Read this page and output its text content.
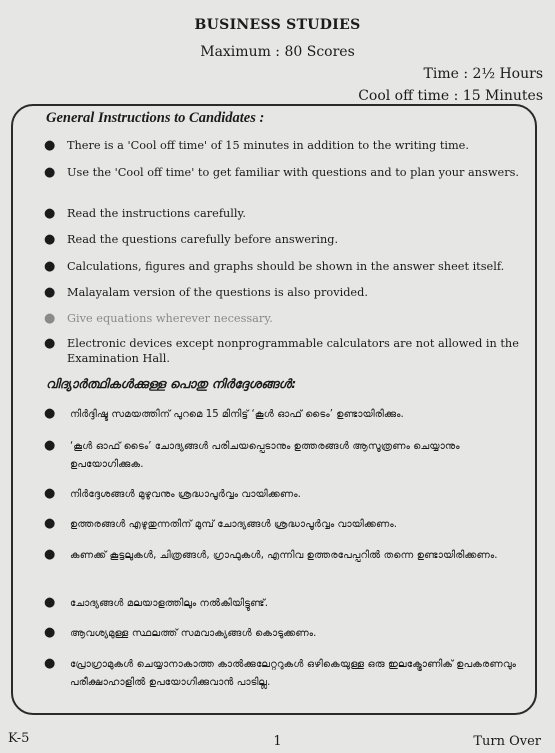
BUSINESS STUDIES
Maximum : 80 Scores
Time : 2½ Hours
Cool off time : 15 Minutes
General Instructions to Candidates :
● There is a 'Cool off time' of 15 minutes in addition to the writing time.
● Use the 'Cool off time' to get familiar with questions and to plan your answers.
● Read the instructions carefully.
● Read the questions carefully before answering.
● Calculations, figures and graphs should be shown in the answer sheet itself.
● Malayalam version of the questions is also provided.
● Give equations wherever necessary.
● Electronic devices except nonprogrammable calculators are not allowed in the Examination Hall.
വിദ്യാർത്ഥികൾക്കുള്ള പൊതു നിർദ്ദേശങ്ങൾ:
● നിർദ്ദിഷ്ട സമയത്തിന് പുറമെ 15 മിനിട്ട് ‘കൂൾ ഓഫ് ടൈം’ ഉണ്ടായിരിക്കും.
● ‘കൂൾ ഓഫ് ടൈം’ ചോദ്യങ്ങൾ പരിചയപ്പെടാനും ഉത്തരങ്ങൾ ആസൂത്രണം ചെയ്യാനും ഉപയോഗിക്കുക.
● നിർദ്ദേശങ്ങൾ മുഴുവനും ശ്രദ്ധാപൂർവ്വം വായിക്കണം.
● ഉത്തരങ്ങൾ എഴുതുന്നതിന് മുമ്പ് ചോദ്യങ്ങൾ ശ്രദ്ധാപൂർവ്വം വായിക്കണം.
● കണക്ക് കൂട്ടലുകൾ, ചിത്രങ്ങൾ, ഗ്രാഫുകൾ, എന്നിവ ഉത്തരപേപ്പറിൽ തന്നെ ഉണ്ടായിരിക്കണം.
● ചോദ്യങ്ങൾ മലയാളത്തിലും നൽകിയിട്ടുണ്ട്.
● ആവശ്യമുള്ള സ്ഥലത്ത് സമവാക്യങ്ങൾ കൊടുക്കണം.
● പ്രോഗ്രാമുകൾ ചെയ്യാനാകാത്ത കാൽക്കുലേറ്ററുകൾ ഒഴികെയുള്ള ഒരു ഇലക്ട്രോണിക് ഉപകരണവും പരീക്ഷാഹാളിൽ ഉപയോഗിക്കുവാൻ പാടില്ല.
K-5	1	Turn Over
